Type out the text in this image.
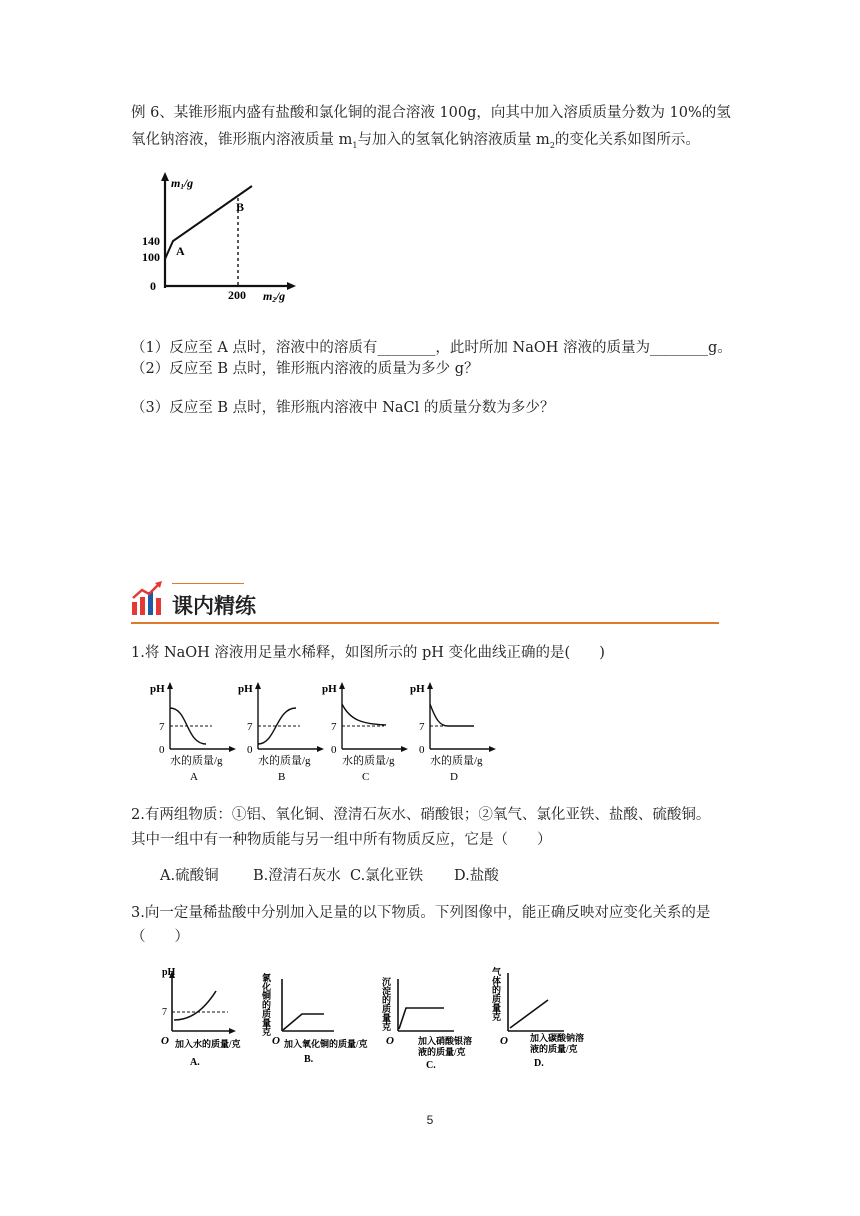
例 6、某锥形瓶内盛有盐酸和氯化铜的混合溶液 100g，向其中加入溶质质量分数为 10%的氢
氧化钠溶液，锥形瓶内溶液质量 $m_1$与加入的氢氧化钠溶液质量 $m_2$的变化关系如图所示。
m1/g
m2/g
140
100
0
200
A
B
（1）反应至 A 点时，溶液中的溶质有________，此时所加 NaOH 溶液的质量为________g。
（2）反应至 B 点时，锥形瓶内溶液的质量为多少 g？
（3）反应至 B 点时，锥形瓶内溶液中 NaCl 的质量分数为多少？
课内精练
1.将 NaOH 溶液用足量水稀释，如图所示的 pH 变化曲线正确的是(　　)
pH
7
0
水的质量/g
A
pH
7
0
水的质量/g
B
pH
7
0
水的质量/g
C
pH
7
0
水的质量/g
D
2.有两组物质：①铝、氧化铜、澄清石灰水、硝酸银；②氧气、氯化亚铁、盐酸、硫酸铜。
其中一组中有一种物质能与另一组中所有物质反应，它是（　　）
A.硫酸铜 B.澄清石灰水 C.氯化亚铁 D.盐酸
3.向一定量稀盐酸中分别加入足量的以下物质。下列图像中，能正确反映对应变化关系的是
（　　）
pH
7
O 加入水的质量/克
A.
氯化铜的质量克
O 加入氧化铜的质量/克
B.
沉淀的质量克
O	加入硝酸银溶
液的质量/克
C.
气体的质量克
O 加入碳酸钠溶
液的质量/克
D.
5
